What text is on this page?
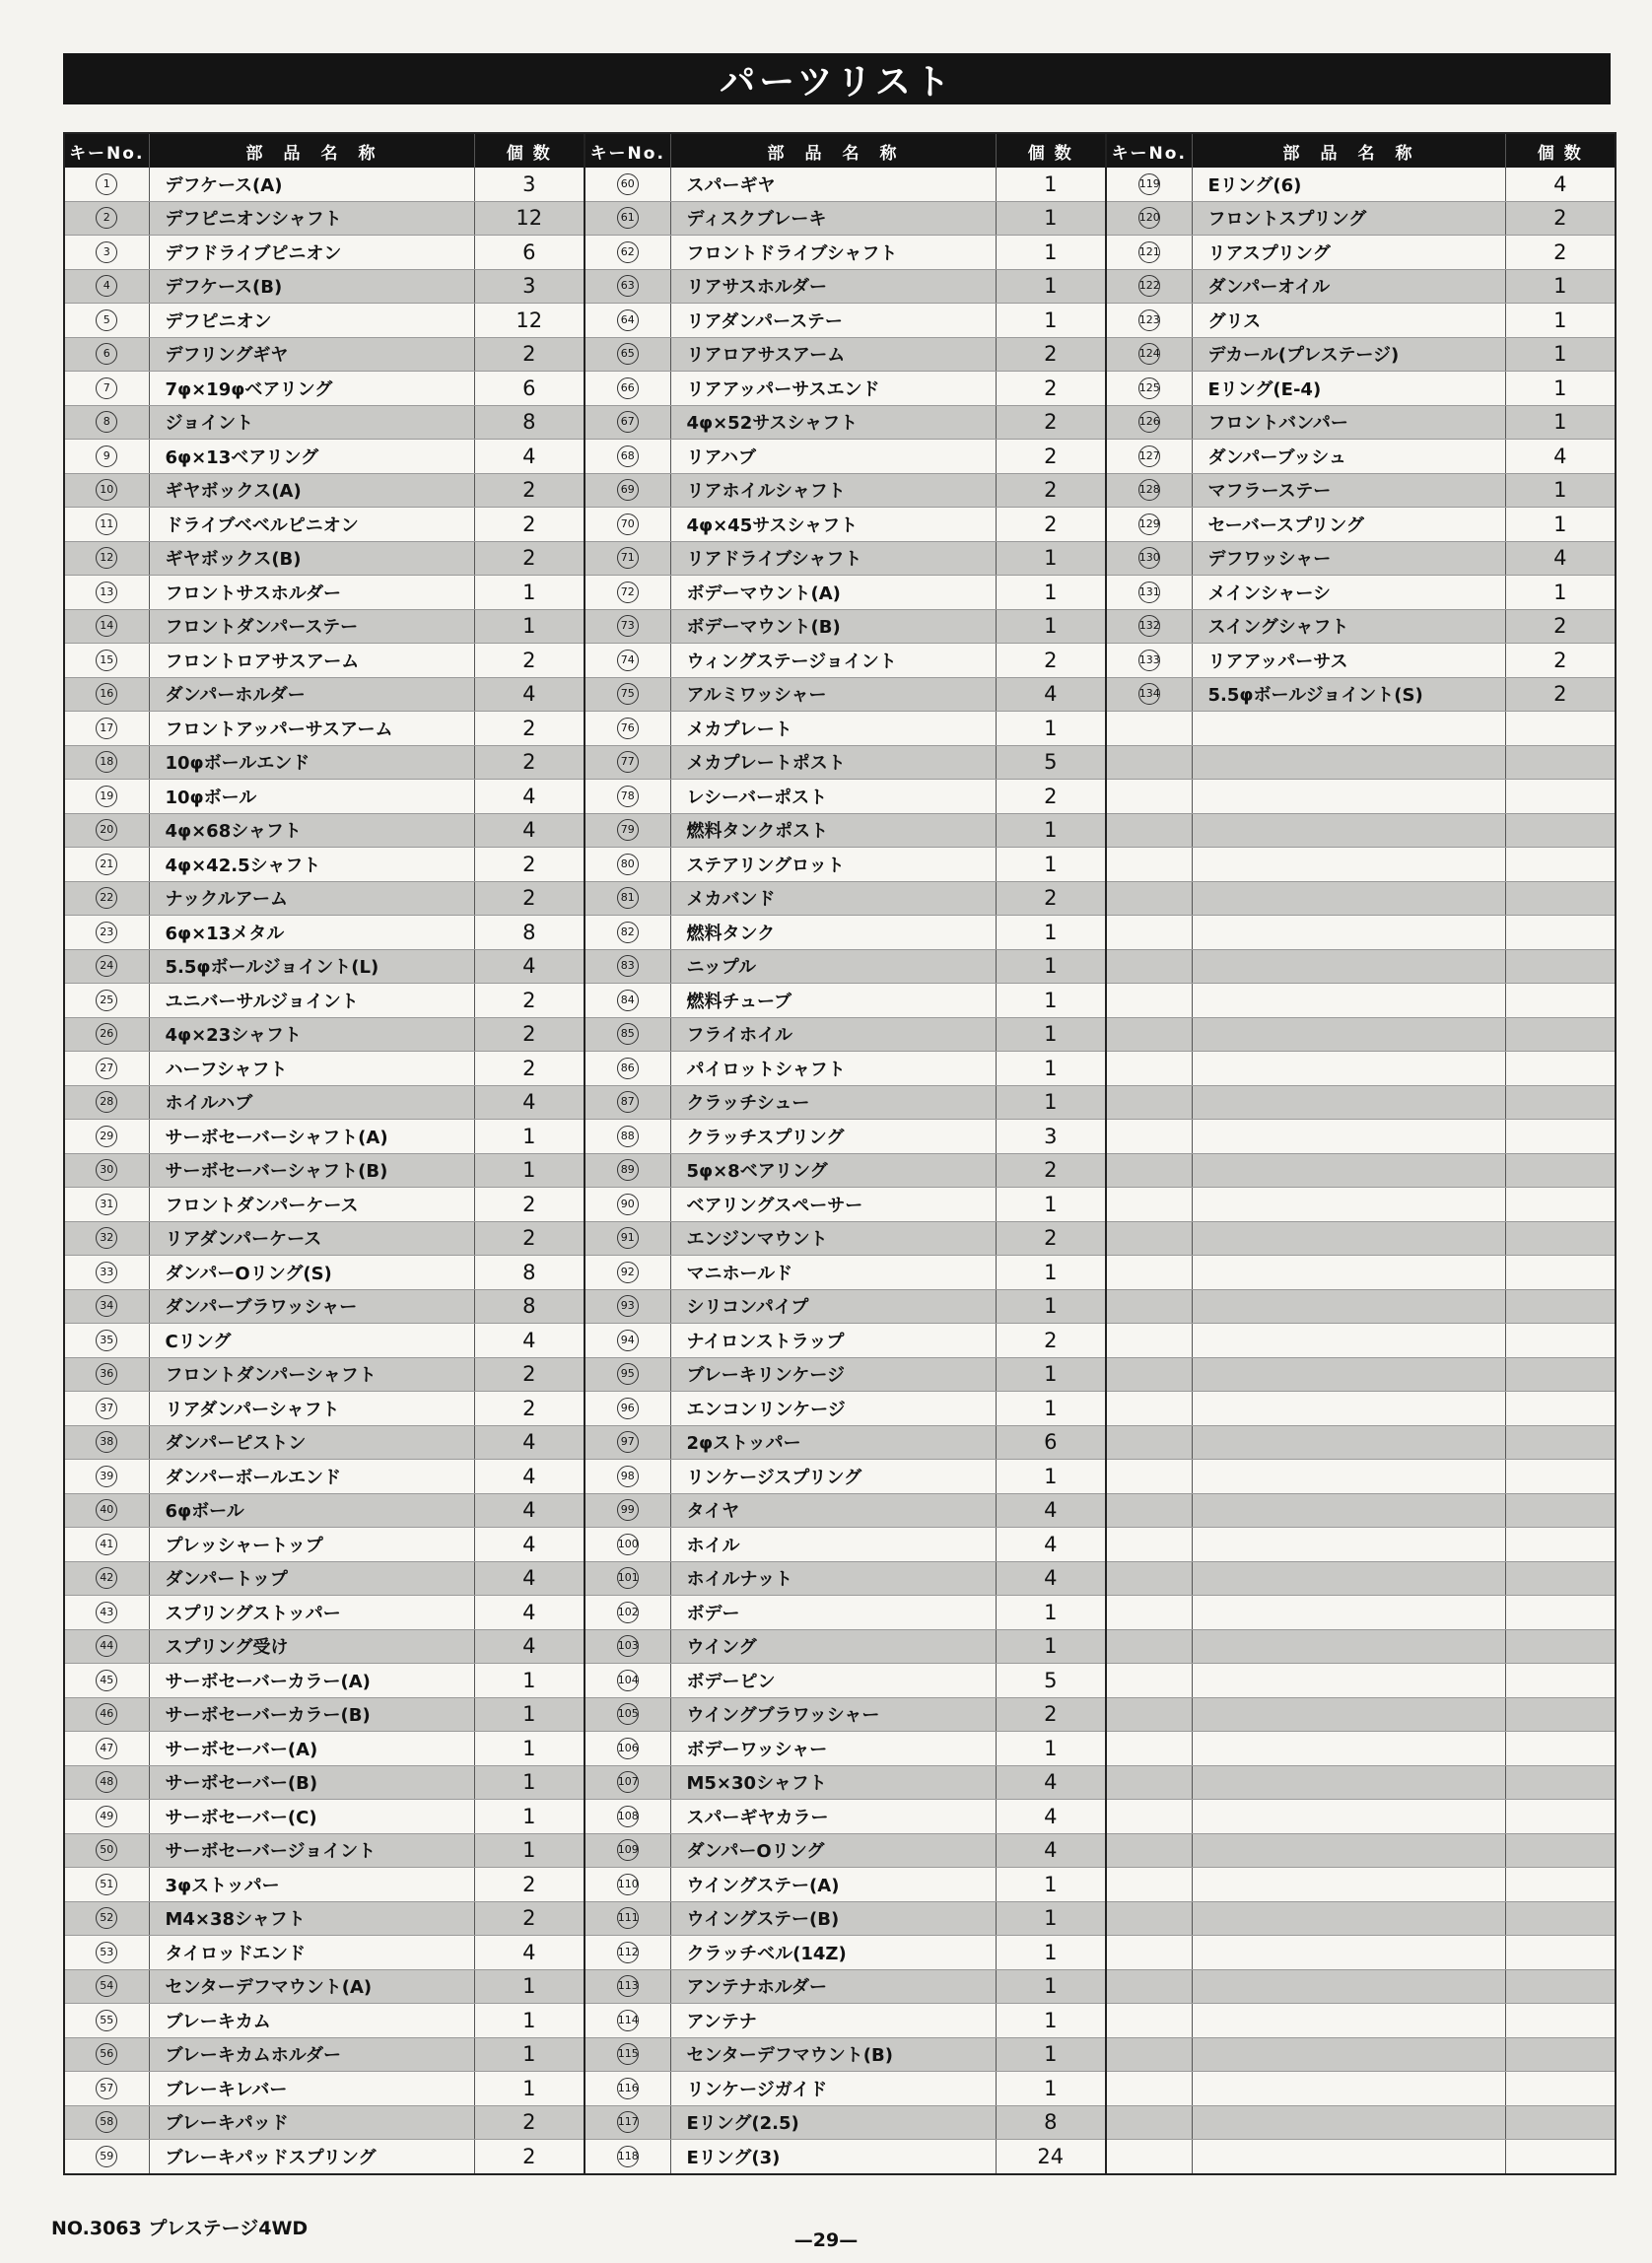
パーツリスト
キーNo.	部　品　名　称	個 数
1	デフケース(A)	3
2	デフピニオンシャフト	12
3	デフドライブピニオン	6
4	デフケース(B)	3
5	デフピニオン	12
6	デフリングギヤ	2
7	7φ×19φベアリング	6
8	ジョイント	8
9	6φ×13ベアリング	4
10	ギヤボックス(A)	2
11	ドライブベベルピニオン	2
12	ギヤボックス(B)	2
13	フロントサスホルダー	1
14	フロントダンパーステー	1
15	フロントロアサスアーム	2
16	ダンパーホルダー	4
17	フロントアッパーサスアーム	2
18	10φボールエンド	2
19	10φボール	4
20	4φ×68シャフト	4
21	4φ×42.5シャフト	2
22	ナックルアーム	2
23	6φ×13メタル	8
24	5.5φボールジョイント(L)	4
25	ユニバーサルジョイント	2
26	4φ×23シャフト	2
27	ハーフシャフト	2
28	ホイルハブ	4
29	サーボセーバーシャフト(A)	1
30	サーボセーバーシャフト(B)	1
31	フロントダンパーケース	2
32	リアダンパーケース	2
33	ダンパーOリング(S)	8
34	ダンパーブラワッシャー	8
35	Cリング	4
36	フロントダンパーシャフト	2
37	リアダンパーシャフト	2
38	ダンパーピストン	4
39	ダンパーボールエンド	4
40	6φボール	4
41	プレッシャートップ	4
42	ダンパートップ	4
43	スプリングストッパー	4
44	スプリング受け	4
45	サーボセーバーカラー(A)	1
46	サーボセーバーカラー(B)	1
47	サーボセーバー(A)	1
48	サーボセーバー(B)	1
49	サーボセーバー(C)	1
50	サーボセーバージョイント	1
51	3φストッパー	2
52	M4×38シャフト	2
53	タイロッドエンド	4
54	センターデフマウント(A)	1
55	ブレーキカム	1
56	ブレーキカムホルダー	1
57	ブレーキレバー	1
58	ブレーキパッド	2
59	ブレーキパッドスプリング	2
キーNo.	部　品　名　称	個 数
60	スパーギヤ	1
61	ディスクブレーキ	1
62	フロントドライブシャフト	1
63	リアサスホルダー	1
64	リアダンパーステー	1
65	リアロアサスアーム	2
66	リアアッパーサスエンド	2
67	4φ×52サスシャフト	2
68	リアハブ	2
69	リアホイルシャフト	2
70	4φ×45サスシャフト	2
71	リアドライブシャフト	1
72	ボデーマウント(A)	1
73	ボデーマウント(B)	1
74	ウィングステージョイント	2
75	アルミワッシャー	4
76	メカプレート	1
77	メカプレートポスト	5
78	レシーバーポスト	2
79	燃料タンクポスト	1
80	ステアリングロット	1
81	メカバンド	2
82	燃料タンク	1
83	ニップル	1
84	燃料チューブ	1
85	フライホイル	1
86	パイロットシャフト	1
87	クラッチシュー	1
88	クラッチスプリング	3
89	5φ×8ベアリング	2
90	ベアリングスペーサー	1
91	エンジンマウント	2
92	マニホールド	1
93	シリコンパイプ	1
94	ナイロンストラップ	2
95	ブレーキリンケージ	1
96	エンコンリンケージ	1
97	2φストッパー	6
98	リンケージスプリング	1
99	タイヤ	4
100	ホイル	4
101	ホイルナット	4
102	ボデー	1
103	ウイング	1
104	ボデーピン	5
105	ウイングブラワッシャー	2
106	ボデーワッシャー	1
107	M5×30シャフト	4
108	スパーギヤカラー	4
109	ダンパーOリング	4
110	ウイングステー(A)	1
111	ウイングステー(B)	1
112	クラッチベル(14Z)	1
113	アンテナホルダー	1
114	アンテナ	1
115	センターデフマウント(B)	1
116	リンケージガイド	1
117	Eリング(2.5)	8
118	Eリング(3)	24
キーNo.	部　品　名　称	個 数
119	Eリング(6)	4
120	フロントスプリング	2
121	リアスプリング	2
122	ダンパーオイル	1
123	グリス	1
124	デカール(プレステージ)	1
125	Eリング(E-4)	1
126	フロントバンパー	1
127	ダンパーブッシュ	4
128	マフラーステー	1
129	セーバースプリング	1
130	デフワッシャー	4
131	メインシャーシ	1
132	スイングシャフト	2
133	リアアッパーサス	2
134	5.5φボールジョイント(S)	2

NO.3063 プレステージ4WD
—29—
